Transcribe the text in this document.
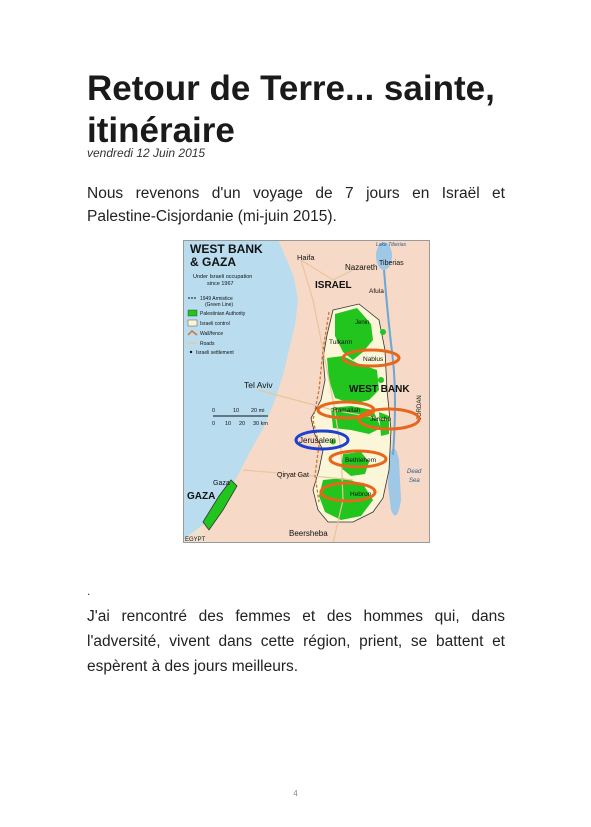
Retour de Terre... sainte, itinéraire
vendredi 12 Juin 2015

Nous revenons d'un voyage de 7 jours en Israël et Palestine-Cisjordanie (mi-juin 2015).

WEST BANK
& GAZA
Under Israeli occupation
since 1967
1949 Armistice
(Green Line)
Palestinian Authority
Israeli control
Wall/fence
Roads
Israeli settlement
0	10 20 mi
0 10 20 30 km
Lake Tiberias
Tiberias
Haifa
Nazareth
ISRAEL
Afula
Jenin
Tulkarm
Nablus
Tel Aviv	WEST BANK
JORDAN
Ramallah
Jericho
Jerusalem
Bethlehem
Qiryat Gat
Gaza
GAZA	Hebron
Dead
Sea
Beersheba
EGYPT
.

J'ai rencontré des femmes et des hommes qui, dans l'adversité, vivent dans cette région, prient, se battent et espèrent à des jours meilleurs.

4
